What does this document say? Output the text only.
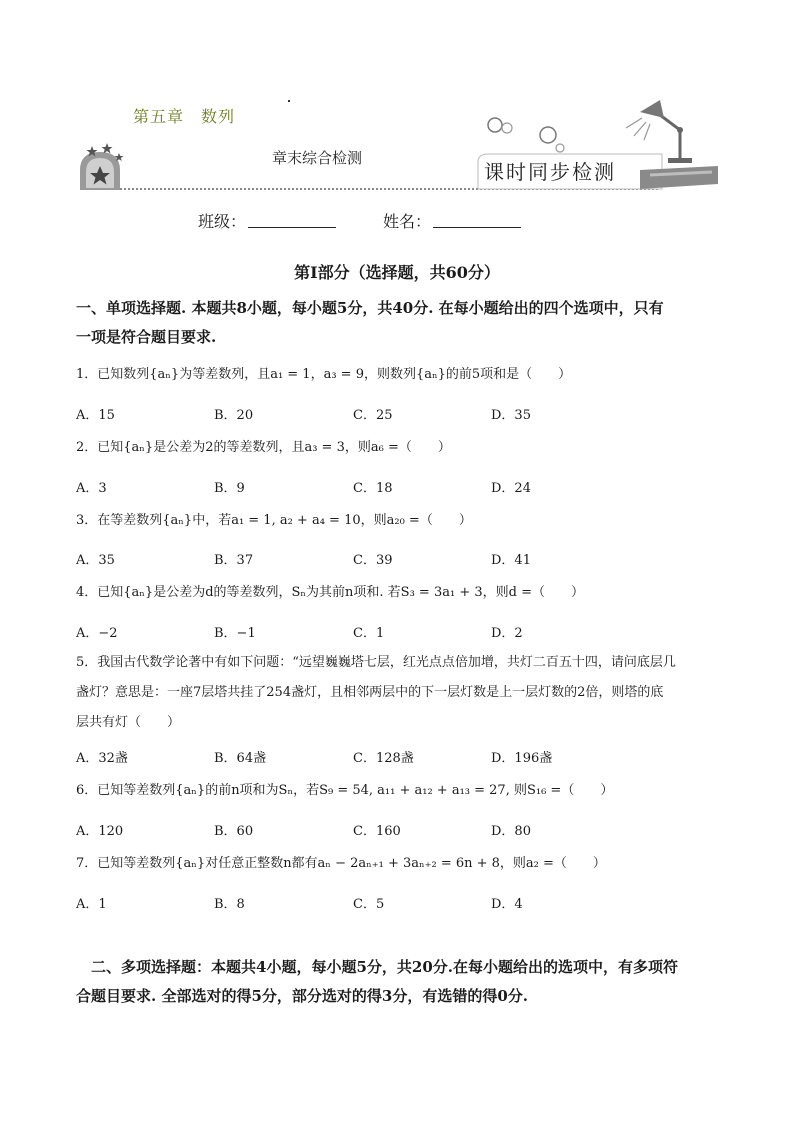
第五章　数列
章末综合检测
课时同步检测
班级：	姓名：
第Ⅰ部分（选择题，共60分）
一、单项选择题. 本题共8小题，每小题5分，共40分. 在每小题给出的四个选项中，只有
一项是符合题目要求.
1．已知数列{aₙ}为等差数列，且a₁ = 1，a₃ = 9，则数列{aₙ}的前5项和是（　　）
A．15	B．20	C．25	D．35
2．已知{aₙ}是公差为2的等差数列，且a₃ = 3，则a₆ =（　　）
A．3	B．9	C．18	D．24
3．在等差数列{aₙ}中，若a₁ = 1, a₂ + a₄ = 10，则a₂₀ =（　　）
A．35	B．37	C．39	D．41
4．已知{aₙ}是公差为d的等差数列，Sₙ为其前n项和. 若S₃ = 3a₁ + 3，则d =（　　）
A．−2	B．−1	C．1	D．2
5．我国古代数学论著中有如下问题：“远望巍巍塔七层，红光点点倍加增，共灯二百五十四，请问底层几
盏灯？意思是：一座7层塔共挂了254盏灯，且相邻两层中的下一层灯数是上一层灯数的2倍，则塔的底
层共有灯（　　）
A．32盏	B．64盏	C．128盏	D．196盏
6．已知等差数列{aₙ}的前n项和为Sₙ，若S₉ = 54, a₁₁ + a₁₂ + a₁₃ = 27, 则S₁₆ =（　　）
A．120	B．60	C．160	D．80
7．已知等差数列{aₙ}对任意正整数n都有aₙ − 2aₙ₊₁ + 3aₙ₊₂ = 6n + 8，则a₂ =（　　）
A．1	B．8	C．5	D．4
　二、多项选择题：本题共4小题，每小题5分，共20分.在每小题给出的选项中，有多项符
合题目要求. 全部选对的得5分，部分选对的得3分，有选错的得0分.
